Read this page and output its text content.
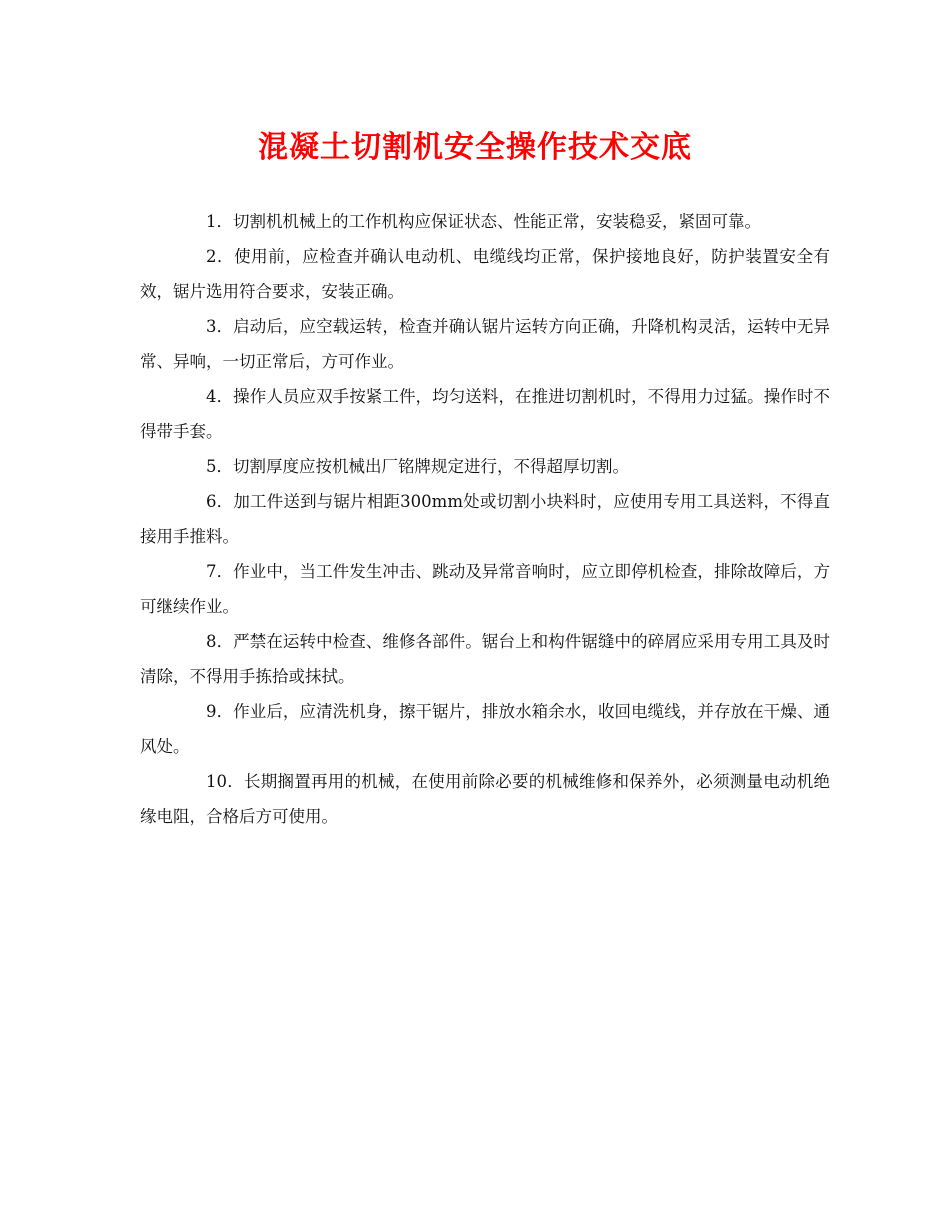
混凝土切割机安全操作技术交底

1．切割机机械上的工作机构应保证状态、性能正常，安装稳妥，紧固可靠。

2．使用前，应检查并确认电动机、电缆线均正常，保护接地良好，防护装置安全有效，锯片选用符合要求，安装正确。

3．启动后，应空载运转，检查并确认锯片运转方向正确，升降机构灵活，运转中无异常、异响，一切正常后，方可作业。

4．操作人员应双手按紧工件，均匀送料，在推进切割机时，不得用力过猛。操作时不得带手套。

5．切割厚度应按机械出厂铭牌规定进行，不得超厚切割。

6．加工件送到与锯片相距300mm处或切割小块料时，应使用专用工具送料，不得直接用手推料。

7．作业中，当工件发生冲击、跳动及异常音响时，应立即停机检查，排除故障后，方可继续作业。

8．严禁在运转中检查、维修各部件。锯台上和构件锯缝中的碎屑应采用专用工具及时清除，不得用手拣拾或抹拭。

9．作业后，应清洗机身，擦干锯片，排放水箱余水，收回电缆线，并存放在干燥、通风处。

10．长期搁置再用的机械，在使用前除必要的机械维修和保养外，必须测量电动机绝缘电阻，合格后方可使用。
